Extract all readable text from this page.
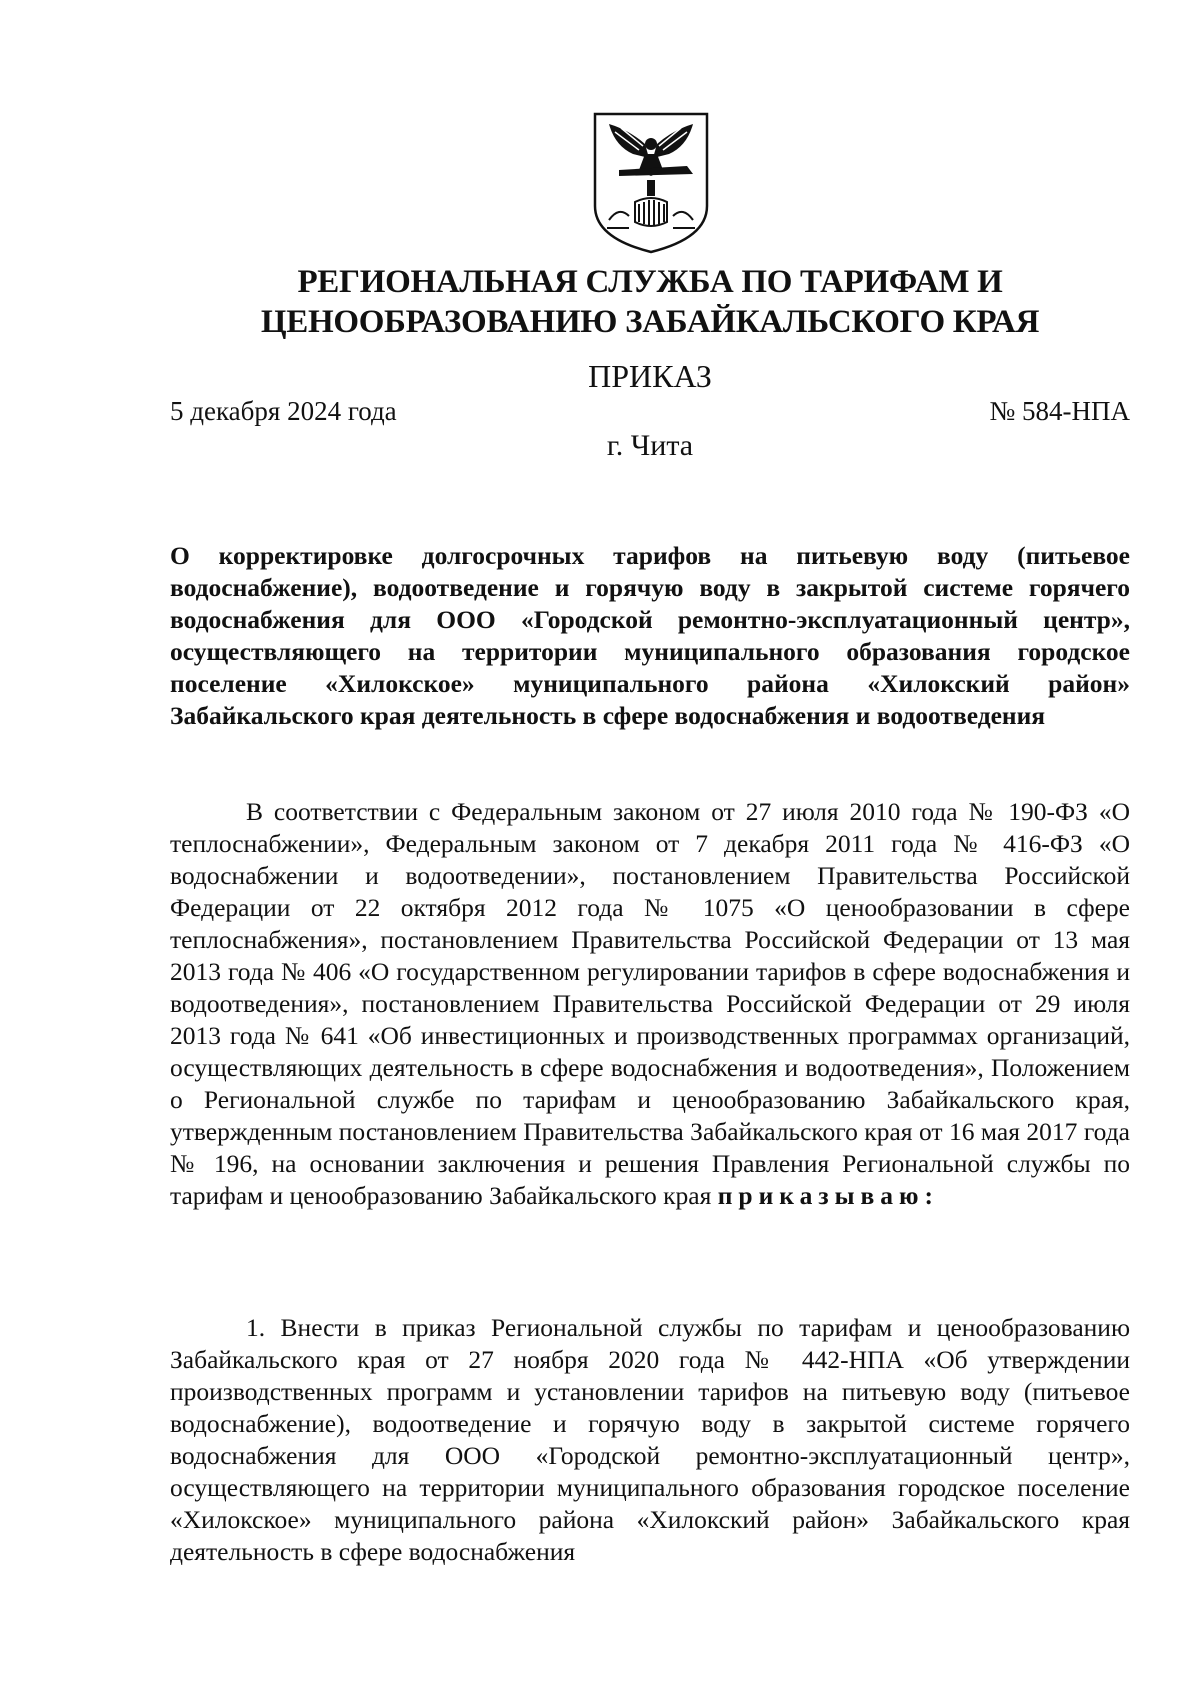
РЕГИОНАЛЬНАЯ СЛУЖБА ПО ТАРИФАМ И ЦЕНООБРАЗОВАНИЮ ЗАБАЙКАЛЬСКОГО КРАЯ
ПРИКАЗ
5 декабря 2024 года	№ 584-НПА
г. Чита
О корректировке долгосрочных тарифов на питьевую воду (питьевое водоснабжение), водоотведение и горячую воду в закрытой системе горячего водоснабжения для ООО «Городской ремонтно-эксплуатационный центр», осуществляющего на территории муниципального образования городское поселение «Хилокское» муниципального района «Хилокский район» Забайкальского края деятельность в сфере водоснабжения и водоотведения
В соответствии с Федеральным законом от 27 июля 2010 года № 190-ФЗ «О теплоснабжении», Федеральным законом от 7 декабря 2011 года № 416-ФЗ «О водоснабжении и водоотведении», постановлением Правительства Российской Федерации от 22 октября 2012 года № 1075 «О ценообразовании в сфере теплоснабжения», постановлением Правительства Российской Федерации от 13 мая 2013 года № 406 «О государственном регулировании тарифов в сфере водоснабжения и водоотведения», постановлением Правительства Российской Федерации от 29 июля 2013 года № 641 «Об инвестиционных и производственных программах организаций, осуществляющих деятельность в сфере водоснабжения и водоотведения», Положением о Региональной службе по тарифам и ценообразованию Забайкальского края, утвержденным постановлением Правительства Забайкальского края от 16 мая 2017 года № 196, на основании заключения и решения Правления Региональной службы по тарифам и ценообразованию Забайкальского края приказываю:
1. Внести в приказ Региональной службы по тарифам и ценообразованию Забайкальского края от 27 ноября 2020 года № 442-НПА «Об утверждении производственных программ и установлении тарифов на питьевую воду (питьевое водоснабжение), водоотведение и горячую воду в закрытой системе горячего водоснабжения для ООО «Городской ремонтно-эксплуатационный центр», осуществляющего на территории муниципального образования городское поселение «Хилокское» муниципального района «Хилокский район» Забайкальского края деятельность в сфере водоснабжения
